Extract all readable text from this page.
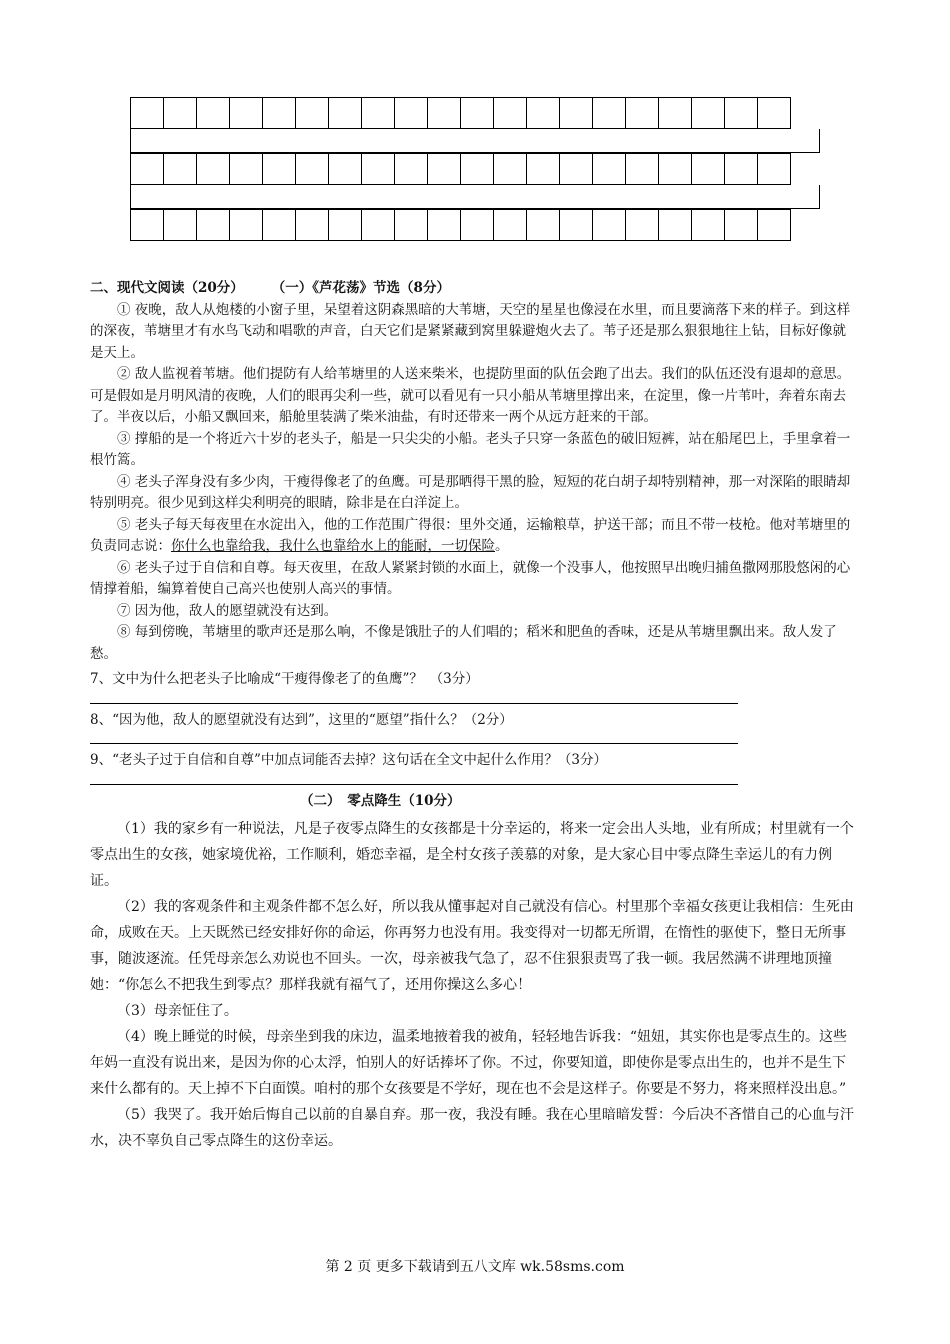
二、现代文阅读（20分） （一）《芦花荡》节选（8分）

① 夜晚，敌人从炮楼的小窗子里，呆望着这阴森黑暗的大苇塘，天空的星星也像浸在水里，而且要滴落下来的样子。到这样的深夜，苇塘里才有水鸟飞动和唱歌的声音，白天它们是紧紧藏到窝里躲避炮火去了。苇子还是那么狠狠地往上钻，目标好像就是天上。

② 敌人监视着苇塘。他们提防有人给苇塘里的人送来柴米，也提防里面的队伍会跑了出去。我们的队伍还没有退却的意思。可是假如是月明风清的夜晚，人们的眼再尖利一些，就可以看见有一只小船从苇塘里撑出来，在淀里，像一片苇叶，奔着东南去了。半夜以后，小船又飘回来，船舱里装满了柴米油盐，有时还带来一两个从远方赶来的干部。

③ 撑船的是一个将近六十岁的老头子，船是一只尖尖的小船。老头子只穿一条蓝色的破旧短裤，站在船尾巴上，手里拿着一根竹篙。

④ 老头子浑身没有多少肉，干瘦得像老了的鱼鹰。可是那晒得干黑的脸，短短的花白胡子却特别精神，那一对深陷的眼睛却特别明亮。很少见到这样尖利明亮的眼睛，除非是在白洋淀上。

⑤ 老头子每天每夜里在水淀出入，他的工作范围广得很：里外交通，运输粮草，护送干部；而且不带一枝枪。他对苇塘里的负责同志说：你什么也靠给我，我什么也靠给水上的能耐，一切保险。

⑥ 老头子过于自信和自尊。每天夜里，在敌人紧紧封锁的水面上，就像一个没事人，他按照早出晚归捕鱼撒网那股悠闲的心情撑着船，编算着使自己高兴也使别人高兴的事情。

⑦ 因为他，敌人的愿望就没有达到。

⑧ 每到傍晚，苇塘里的歌声还是那么响，不像是饿肚子的人们唱的；稻米和肥鱼的香味，还是从苇塘里飘出来。敌人发了愁。

7、文中为什么把老头子比喻成“干瘦得像老了的鱼鹰”？　（3分）

8、“因为他，敌人的愿望就没有达到”，这里的“愿望”指什么？（2分）

9、“老头子过于自信和自尊”中加点词能否去掉？这句话在全文中起什么作用？（3分）

（二）　零点降生（10分）

（1）我的家乡有一种说法，凡是子夜零点降生的女孩都是十分幸运的，将来一定会出人头地，业有所成；村里就有一个零点出生的女孩，她家境优裕，工作顺利，婚恋幸福，是全村女孩子羡慕的对象，是大家心目中零点降生幸运儿的有力例证。

（2）我的客观条件和主观条件都不怎么好，所以我从懂事起对自己就没有信心。村里那个幸福女孩更让我相信：生死由命，成败在天。上天既然已经安排好你的命运，你再努力也没有用。我变得对一切都无所谓，在惰性的驱使下，整日无所事事，随波逐流。任凭母亲怎么劝说也不回头。一次，母亲被我气急了，忍不住狠狠责骂了我一顿。我居然满不讲理地顶撞她：“你怎么不把我生到零点？那样我就有福气了，还用你操这么多心！

（3）母亲怔住了。

（4）晚上睡觉的时候，母亲坐到我的床边，温柔地掖着我的被角，轻轻地告诉我：“妞妞，其实你也是零点生的。这些年妈一直没有说出来，是因为你的心太浮，怕别人的好话捧坏了你。不过，你要知道，即使你是零点出生的，也并不是生下来什么都有的。天上掉不下白面馍。咱村的那个女孩要是不学好，现在也不会是这样子。你要是不努力，将来照样没出息。”

（5）我哭了。我开始后悔自己以前的自暴自弃。那一夜，我没有睡。我在心里暗暗发誓：今后决不吝惜自己的心血与汗水，决不辜负自己零点降生的这份幸运。

第 2 页 更多下载请到五八文库 wk.58sms.com
